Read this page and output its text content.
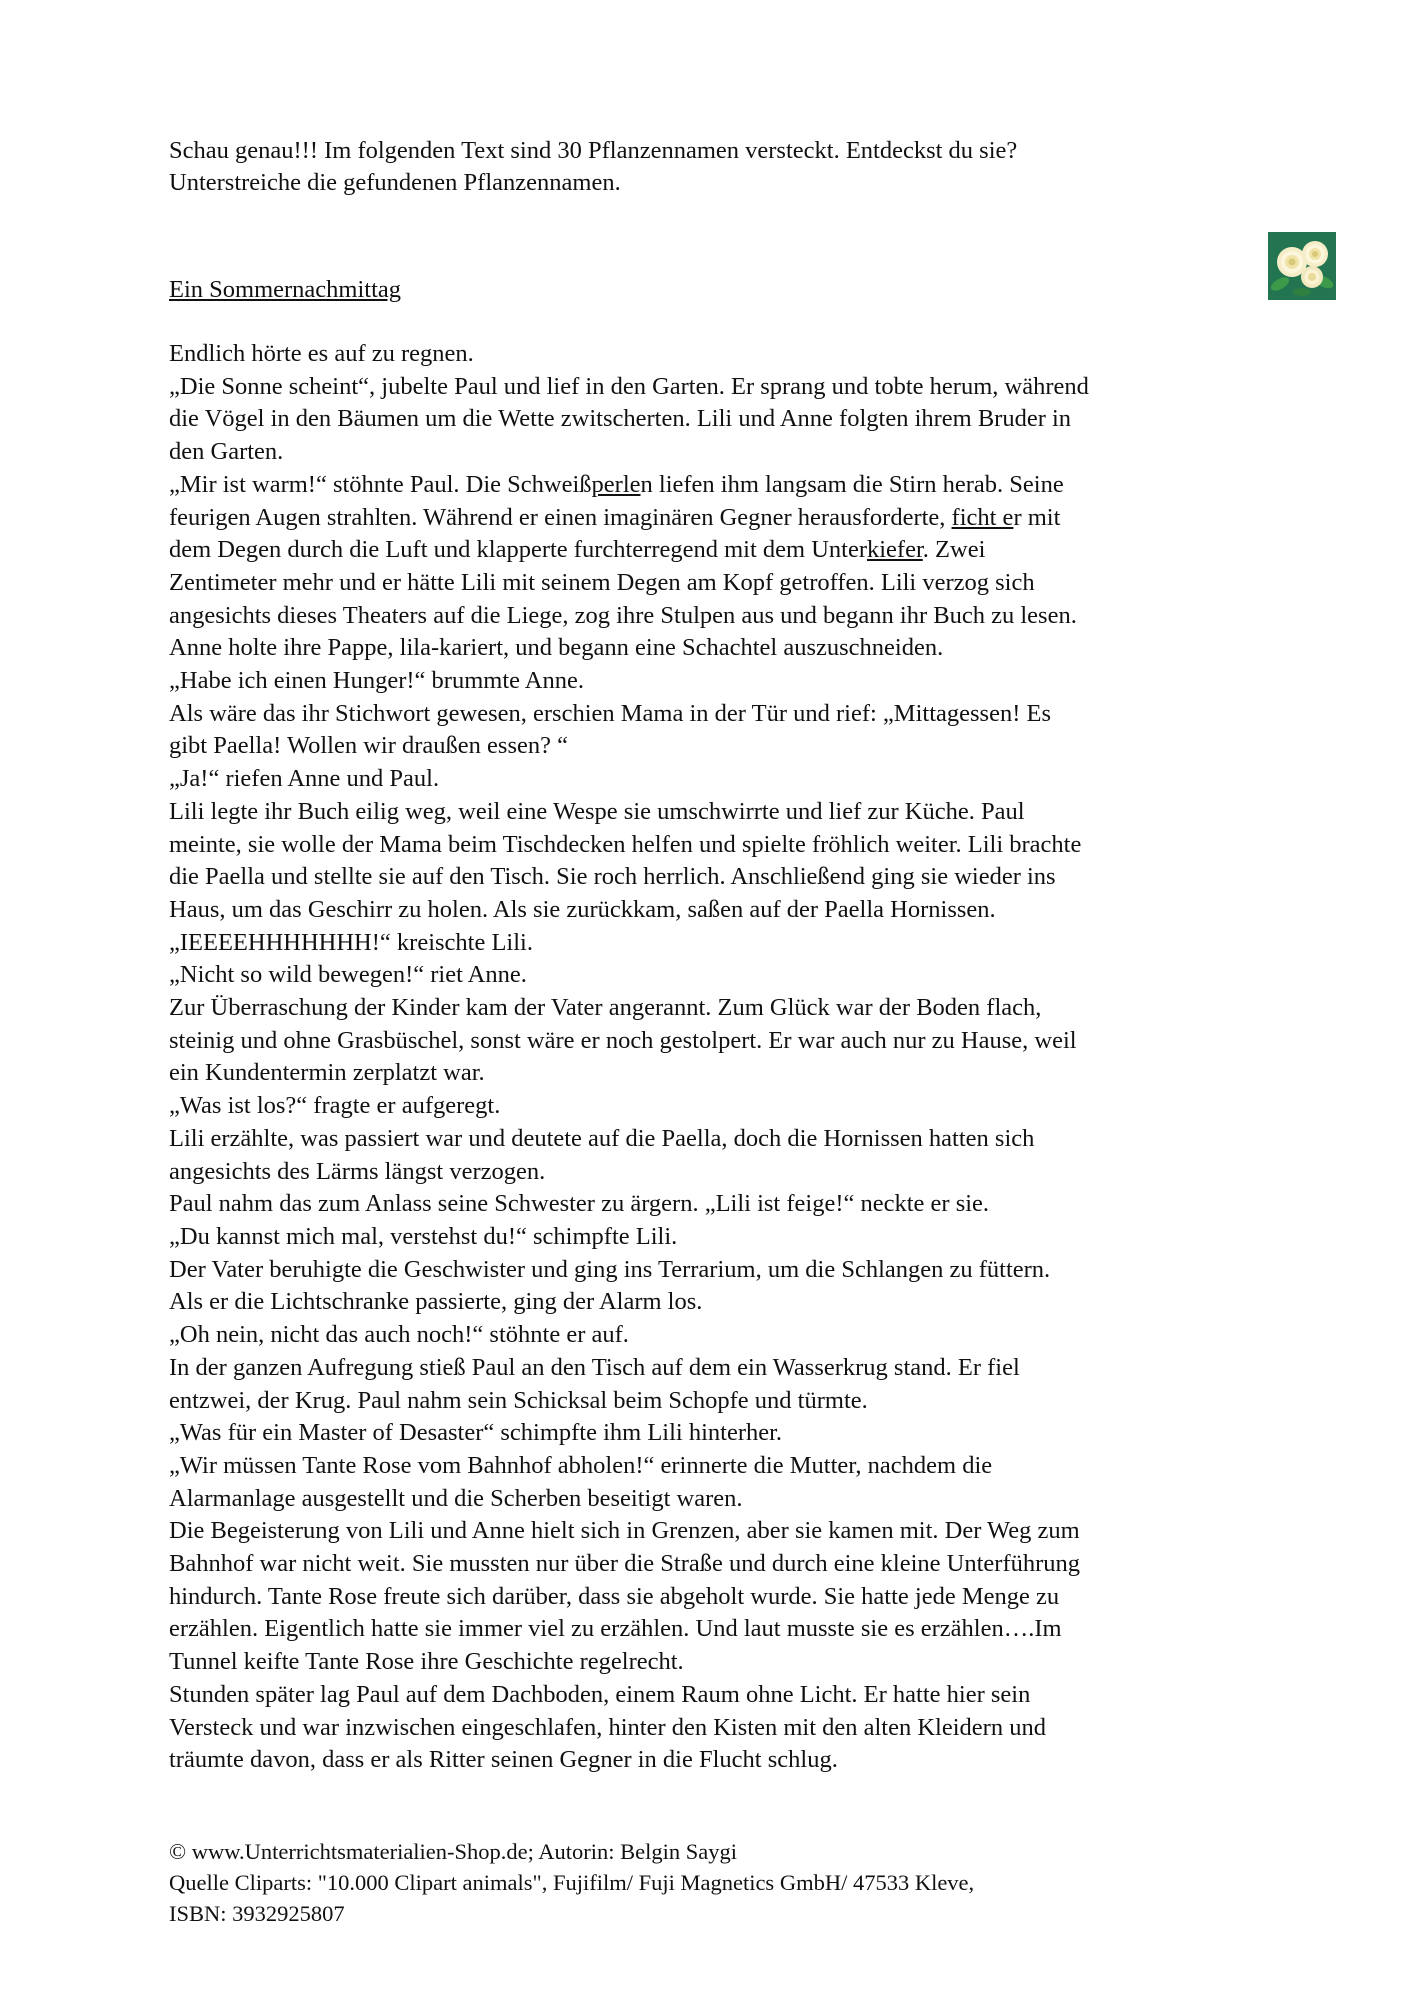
Schau genau!!! Im folgenden Text sind 30 Pflanzennamen versteckt. Entdeckst du sie?

Unterstreiche die gefundenen Pflanzennamen.

Ein Sommernachmittag
Endlich hörte es auf zu regnen.
„Die Sonne scheint“, jubelte Paul und lief in den Garten. Er sprang und tobte herum, während
die Vögel in den Bäumen um die Wette zwitscherten. Lili und Anne folgten ihrem Bruder in
den Garten.
„Mir ist warm!“ stöhnte Paul. Die Schweißperlen liefen ihm langsam die Stirn herab. Seine
feurigen Augen strahlten. Während er einen imaginären Gegner herausforderte, ficht er mit
dem Degen durch die Luft und klapperte furchterregend mit dem Unterkiefer. Zwei
Zentimeter mehr und er hätte Lili mit seinem Degen am Kopf getroffen. Lili verzog sich
angesichts dieses Theaters auf die Liege, zog ihre Stulpen aus und begann ihr Buch zu lesen.
Anne holte ihre Pappe, lila-kariert, und begann eine Schachtel auszuschneiden.
„Habe ich einen Hunger!“ brummte Anne.
Als wäre das ihr Stichwort gewesen, erschien Mama in der Tür und rief: „Mittagessen! Es
gibt Paella! Wollen wir draußen essen? “
„Ja!“ riefen Anne und Paul.
Lili legte ihr Buch eilig weg, weil eine Wespe sie umschwirrte und lief zur Küche. Paul
meinte, sie wolle der Mama beim Tischdecken helfen und spielte fröhlich weiter. Lili brachte
die Paella und stellte sie auf den Tisch. Sie roch herrlich. Anschließend ging sie wieder ins
Haus, um das Geschirr zu holen. Als sie zurückkam, saßen auf der Paella Hornissen.
„IEEEEHHHHHHH!“ kreischte Lili.
„Nicht so wild bewegen!“ riet Anne.
Zur Überraschung der Kinder kam der Vater angerannt. Zum Glück war der Boden flach,
steinig und ohne Grasbüschel, sonst wäre er noch gestolpert. Er war auch nur zu Hause, weil
ein Kundentermin zerplatzt war.
„Was ist los?“ fragte er aufgeregt.
Lili erzählte, was passiert war und deutete auf die Paella, doch die Hornissen hatten sich
angesichts des Lärms längst verzogen.
Paul nahm das zum Anlass seine Schwester zu ärgern. „Lili ist feige!“ neckte er sie.
„Du kannst mich mal, verstehst du!“ schimpfte Lili.
Der Vater beruhigte die Geschwister und ging ins Terrarium, um die Schlangen zu füttern.
Als er die Lichtschranke passierte, ging der Alarm los.
„Oh nein, nicht das auch noch!“ stöhnte er auf.
In der ganzen Aufregung stieß Paul an den Tisch auf dem ein Wasserkrug stand. Er fiel
entzwei, der Krug. Paul nahm sein Schicksal beim Schopfe und türmte.
„Was für ein Master of Desaster“ schimpfte ihm Lili hinterher.
„Wir müssen Tante Rose vom Bahnhof abholen!“ erinnerte die Mutter, nachdem die
Alarmanlage ausgestellt und die Scherben beseitigt waren.
Die Begeisterung von Lili und Anne hielt sich in Grenzen, aber sie kamen mit. Der Weg zum
Bahnhof war nicht weit. Sie mussten nur über die Straße und durch eine kleine Unterführung
hindurch. Tante Rose freute sich darüber, dass sie abgeholt wurde. Sie hatte jede Menge zu
erzählen. Eigentlich hatte sie immer viel zu erzählen. Und laut musste sie es erzählen….Im
Tunnel keifte Tante Rose ihre Geschichte regelrecht.
Stunden später lag Paul auf dem Dachboden, einem Raum ohne Licht. Er hatte hier sein
Versteck und war inzwischen eingeschlafen, hinter den Kisten mit den alten Kleidern und
träumte davon, dass er als Ritter seinen Gegner in die Flucht schlug.
© www.Unterrichtsmaterialien-Shop.de; Autorin: Belgin Saygi
Quelle Cliparts: "10.000 Clipart animals", Fujifilm/ Fuji Magnetics GmbH/ 47533 Kleve,
ISBN: 3932925807
